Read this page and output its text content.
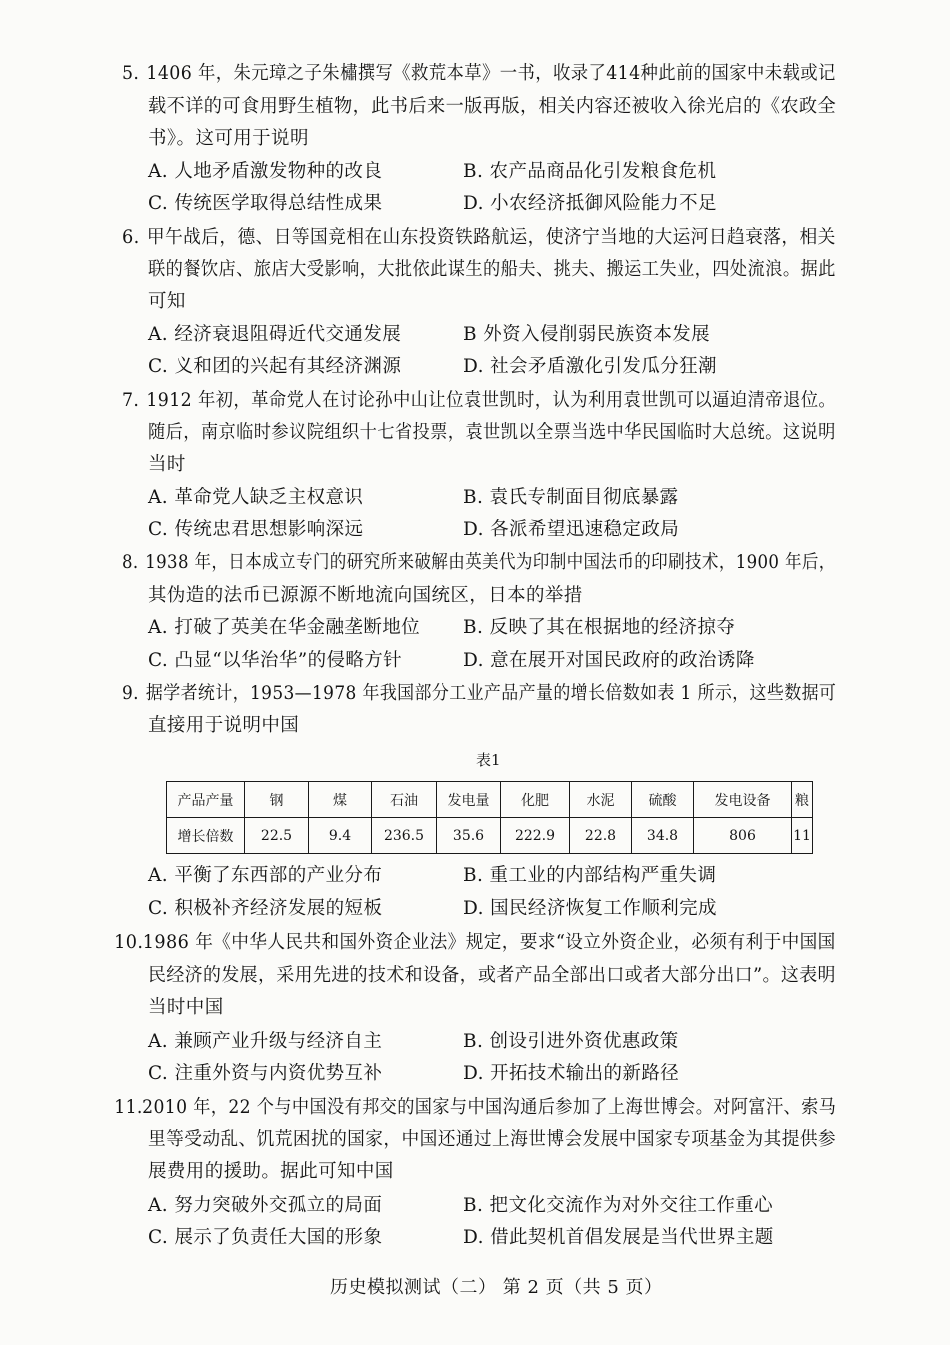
5. 1406 年，朱元璋之子朱橚撰写《救荒本草》一书，收录了414种此前的国家中未载或记
载不详的可食用野生植物，此书后来一版再版，相关内容还被收入徐光启的《农政全
书》。这可用于说明
A. 人地矛盾激发物种的改良	B. 农产品商品化引发粮食危机
C. 传统医学取得总结性成果	D. 小农经济抵御风险能力不足
6. 甲午战后，德、日等国竞相在山东投资铁路航运，使济宁当地的大运河日趋衰落，相关
联的餐饮店、旅店大受影响，大批依此谋生的船夫、挑夫、搬运工失业，四处流浪。据此
可知
A. 经济衰退阻碍近代交通发展	B 外资入侵削弱民族资本发展
C. 义和团的兴起有其经济渊源	D. 社会矛盾激化引发瓜分狂潮
7. 1912 年初，革命党人在讨论孙中山让位袁世凯时，认为利用袁世凯可以逼迫清帝退位。
随后，南京临时参议院组织十七省投票，袁世凯以全票当选中华民国临时大总统。这说明
当时
A. 革命党人缺乏主权意识	B. 袁氏专制面目彻底暴露
C. 传统忠君思想影响深远	D. 各派希望迅速稳定政局
8. 1938 年，日本成立专门的研究所来破解由英美代为印制中国法币的印刷技术，1900 年后，
其伪造的法币已源源不断地流向国统区，日本的举措
A. 打破了英美在华金融垄断地位 B. 反映了其在根据地的经济掠夺
C. 凸显“以华治华”的侵略方针	D. 意在展开对国民政府的政治诱降
9. 据学者统计，1953—1978 年我国部分工业产品产量的增长倍数如表 1 所示，这些数据可
直接用于说明中国
表1
产品产量	钢	煤	石油	发电量	化肥	水泥	硫酸	发电设备	粮
增长倍数	22.5	9.4	236.5	35.6	222.9	22.8	34.8	806	11
A. 平衡了东西部的产业分布	B. 重工业的内部结构严重失调
C. 积极补齐经济发展的短板	D. 国民经济恢复工作顺利完成
10.1986 年《中华人民共和国外资企业法》规定，要求“设立外资企业，必须有利于中国国
民经济的发展，采用先进的技术和设备，或者产品全部出口或者大部分出口”。这表明
当时中国
A. 兼顾产业升级与经济自主	B. 创设引进外资优惠政策
C. 注重外资与内资优势互补	D. 开拓技术输出的新路径
11.2010 年，22 个与中国没有邦交的国家与中国沟通后参加了上海世博会。对阿富汗、索马
里等受动乱、饥荒困扰的国家，中国还通过上海世博会发展中国家专项基金为其提供参
展费用的援助。据此可知中国
A. 努力突破外交孤立的局面	B. 把文化交流作为对外交往工作重心
C. 展示了负责任大国的形象	D. 借此契机首倡发展是当代世界主题
历史模拟测试（二） 第 2 页（共 5 页）
